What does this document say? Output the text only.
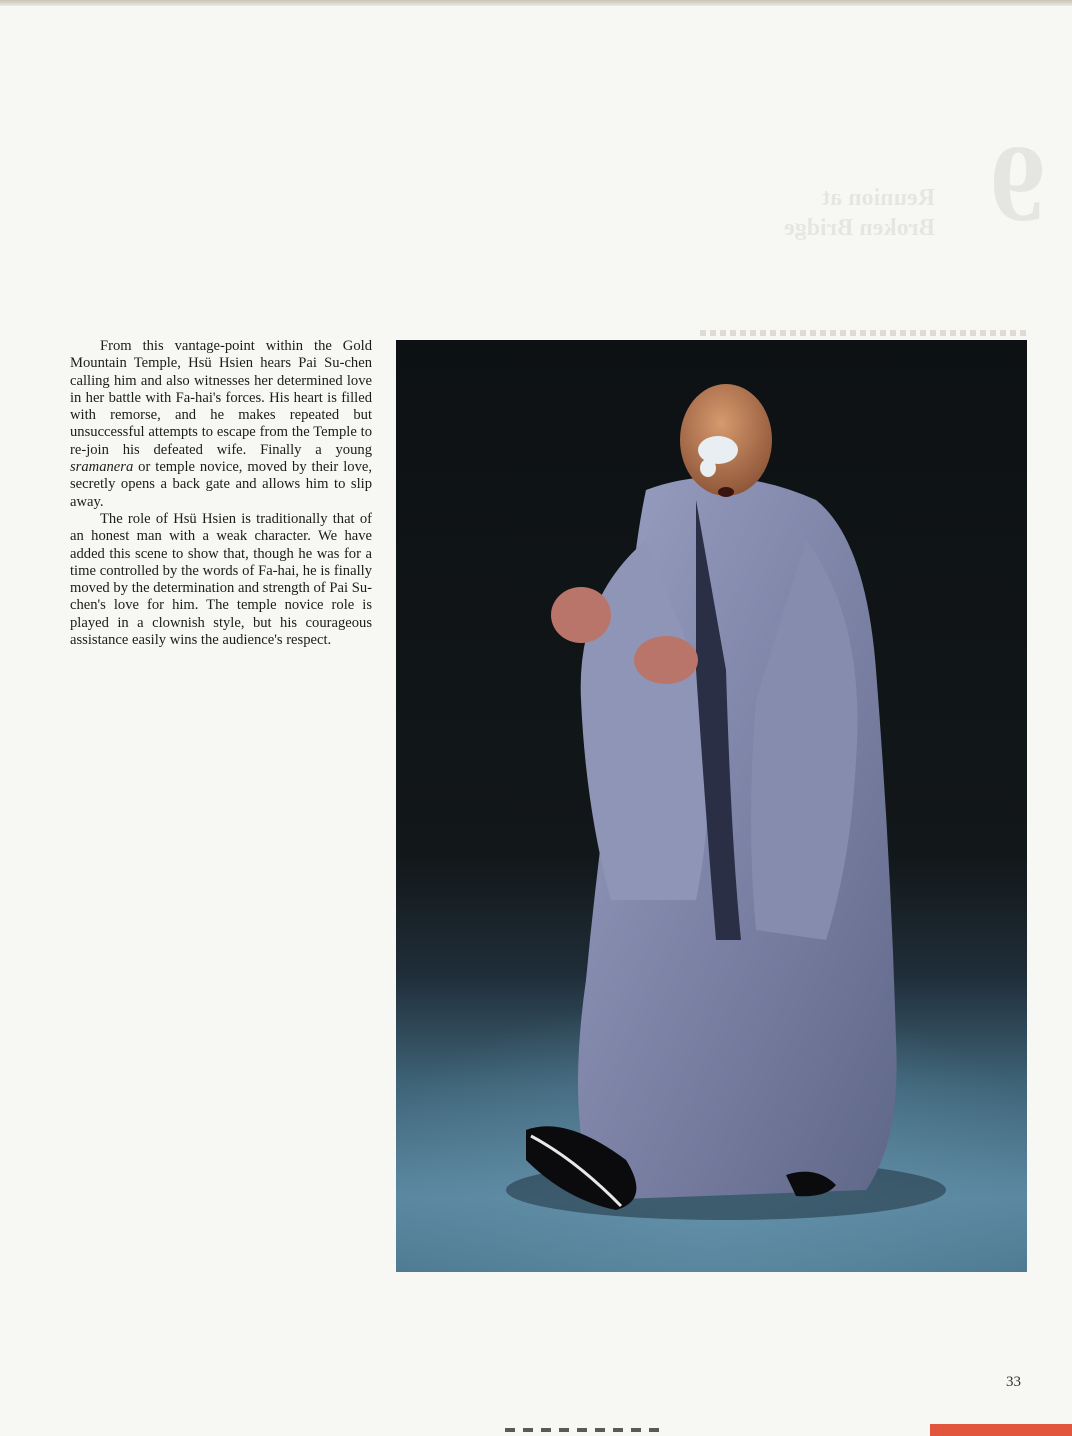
9
Reunion at
Broken Bridge

From this vantage-point within the Gold Mountain Temple, Hsü Hsien hears Pai Su-chen calling him and also witnesses her determined love in her battle with Fa-hai's forces. His heart is filled with remorse, and he makes repeated but unsuccessful attempts to escape from the Temple to re-join his defeated wife. Finally a young sramanera or temple novice, moved by their love, secretly opens a back gate and allows him to slip away.

The role of Hsü Hsien is traditionally that of an honest man with a weak character. We have added this scene to show that, though he was for a time controlled by the words of Fa-hai, he is finally moved by the determination and strength of Pai Su-chen's love for him. The temple novice role is played in a clownish style, but his courageous assistance easily wins the audience's respect.

33
